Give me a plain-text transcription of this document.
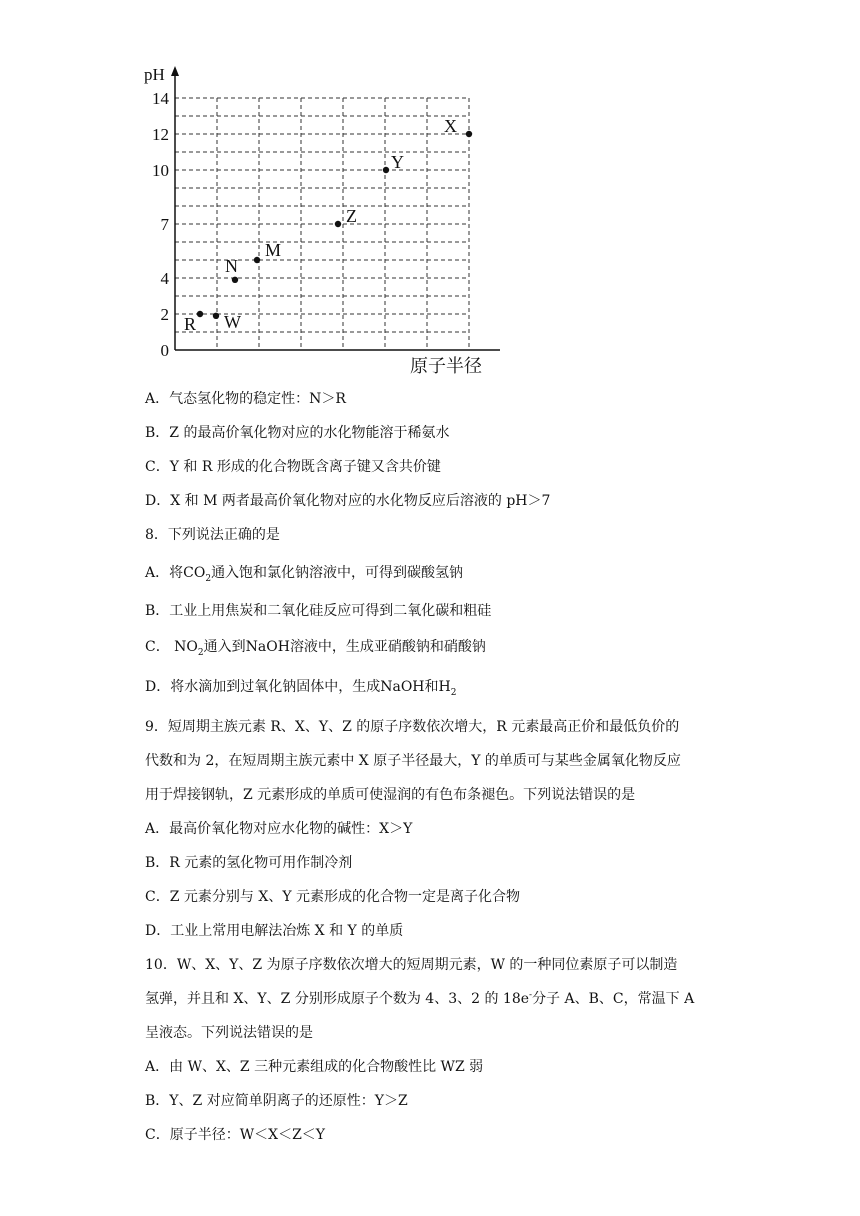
0
2
4
7
10
12
14
R W
N
M
Z
Y
X
pH
原子半径
A．气态氢化物的稳定性：N＞R
B．Z 的最高价氧化物对应的水化物能溶于稀氨水
C．Y 和 R 形成的化合物既含离子键又含共价键
D．X 和 M 两者最高价氧化物对应的水化物反应后溶液的 pH＞7
8．下列说法正确的是
A．将$CO_2$通入饱和氯化钠溶液中，可得到碳酸氢钠
B．工业上用焦炭和二氧化硅反应可得到二氧化碳和粗硅
C． $NO_2$通入到NaOH溶液中，生成亚硝酸钠和硝酸钠
D．将水滴加到过氧化钠固体中，生成NaOH和$H_2$
9．短周期主族元素 R、X、Y、Z 的原子序数依次增大，R 元素最高正价和最低负价的
代数和为 2，在短周期主族元素中 X 原子半径最大，Y 的单质可与某些金属氧化物反应
用于焊接钢轨，Z 元素形成的单质可使湿润的有色布条褪色。下列说法错误的是
A．最高价氧化物对应水化物的碱性：X＞Y
B．R 元素的氢化物可用作制冷剂
C．Z 元素分别与 X、Y 元素形成的化合物一定是离子化合物
D．工业上常用电解法冶炼 X 和 Y 的单质
10．W、X、Y、Z 为原子序数依次增大的短周期元素，W 的一种同位素原子可以制造
氢弹，并且和 X、Y、Z 分别形成原子个数为 4、3、2 的 18e-分子 A、B、C，常温下 A
呈液态。下列说法错误的是
A．由 W、X、Z 三种元素组成的化合物酸性比 WZ 弱
B．Y、Z 对应简单阴离子的还原性：Y＞Z
C．原子半径：W＜X＜Z＜Y
